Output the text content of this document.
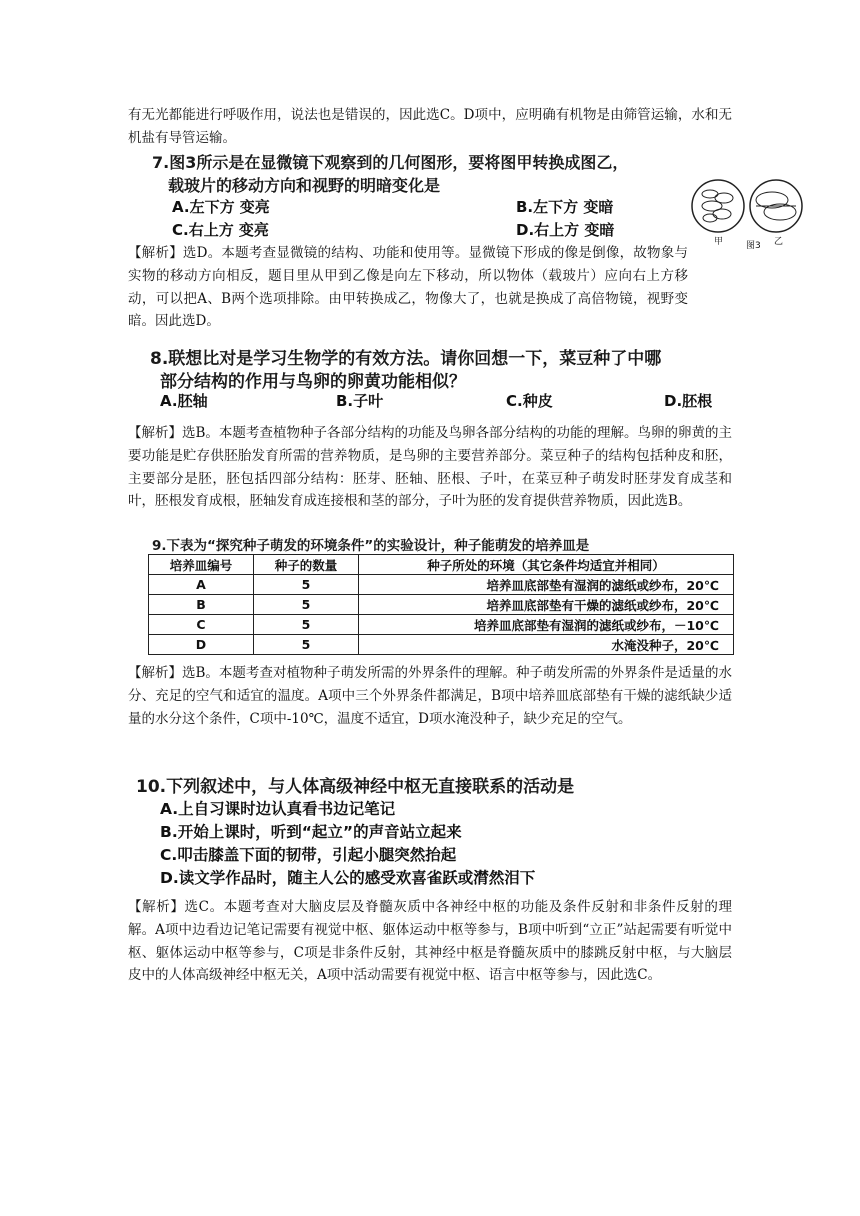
有无光都能进行呼吸作用，说法也是错误的，因此选C。D项中，应明确有机物是由筛管运输，水和无机盐有导管运输。
7.图3所示是在显微镜下观察到的几何图形，要将图甲转换成图乙，
载玻片的移动方向和视野的明暗变化是
A.左下方 变亮	B.左下方 变暗
C.右上方 变亮	D.右上方 变暗
甲	乙
图3
【解析】选D。本题考查显微镜的结构、功能和使用等。显微镜下形成的像是倒像，故物象与实物的移动方向相反，题目里从甲到乙像是向左下移动，所以物体（载玻片）应向右上方移动，可以把A、B两个选项排除。由甲转换成乙，物像大了，也就是换成了高倍物镜，视野变暗。因此选D。
8.联想比对是学习生物学的有效方法。请你回想一下，菜豆种了中哪
部分结构的作用与鸟卵的卵黄功能相似？
A.胚轴	B.子叶	C.种皮	D.胚根
【解析】选B。本题考查植物种子各部分结构的功能及鸟卵各部分结构的功能的理解。鸟卵的卵黄的主要功能是贮存供胚胎发育所需的营养物质，是鸟卵的主要营养部分。菜豆种子的结构包括种皮和胚，主要部分是胚，胚包括四部分结构：胚芽、胚轴、胚根、子叶，在菜豆种子萌发时胚芽发育成茎和叶，胚根发育成根，胚轴发育成连接根和茎的部分，子叶为胚的发育提供营养物质，因此选B。
9.下表为“探究种子萌发的环境条件”的实验设计，种子能萌发的培养皿是
培养皿编号	种子的数量	种子所处的环境（其它条件均适宜并相同）
A	5	培养皿底部垫有湿润的滤纸或纱布，20℃
B	5	培养皿底部垫有干燥的滤纸或纱布，20℃
C	5	培养皿底部垫有湿润的滤纸或纱布，－10℃
D	5	水淹没种子，20℃
【解析】选B。本题考查对植物种子萌发所需的外界条件的理解。种子萌发所需的外界条件是适量的水分、充足的空气和适宜的温度。A项中三个外界条件都满足，B项中培养皿底部垫有干燥的滤纸缺少适量的水分这个条件，C项中-10℃，温度不适宜，D项水淹没种子，缺少充足的空气。
10.下列叙述中，与人体高级神经中枢无直接联系的活动是
A.上自习课时边认真看书边记笔记
B.开始上课时，听到“起立”的声音站立起来
C.叩击膝盖下面的韧带，引起小腿突然抬起
D.读文学作品时，随主人公的感受欢喜雀跃或潸然泪下
【解析】选C。本题考查对大脑皮层及脊髓灰质中各神经中枢的功能及条件反射和非条件反射的理解。A项中边看边记笔记需要有视觉中枢、躯体运动中枢等参与，B项中听到“立正”站起需要有听觉中枢、躯体运动中枢等参与，C项是非条件反射，其神经中枢是脊髓灰质中的膝跳反射中枢，与大脑层皮中的人体高级神经中枢无关，A项中活动需要有视觉中枢、语言中枢等参与，因此选C。
